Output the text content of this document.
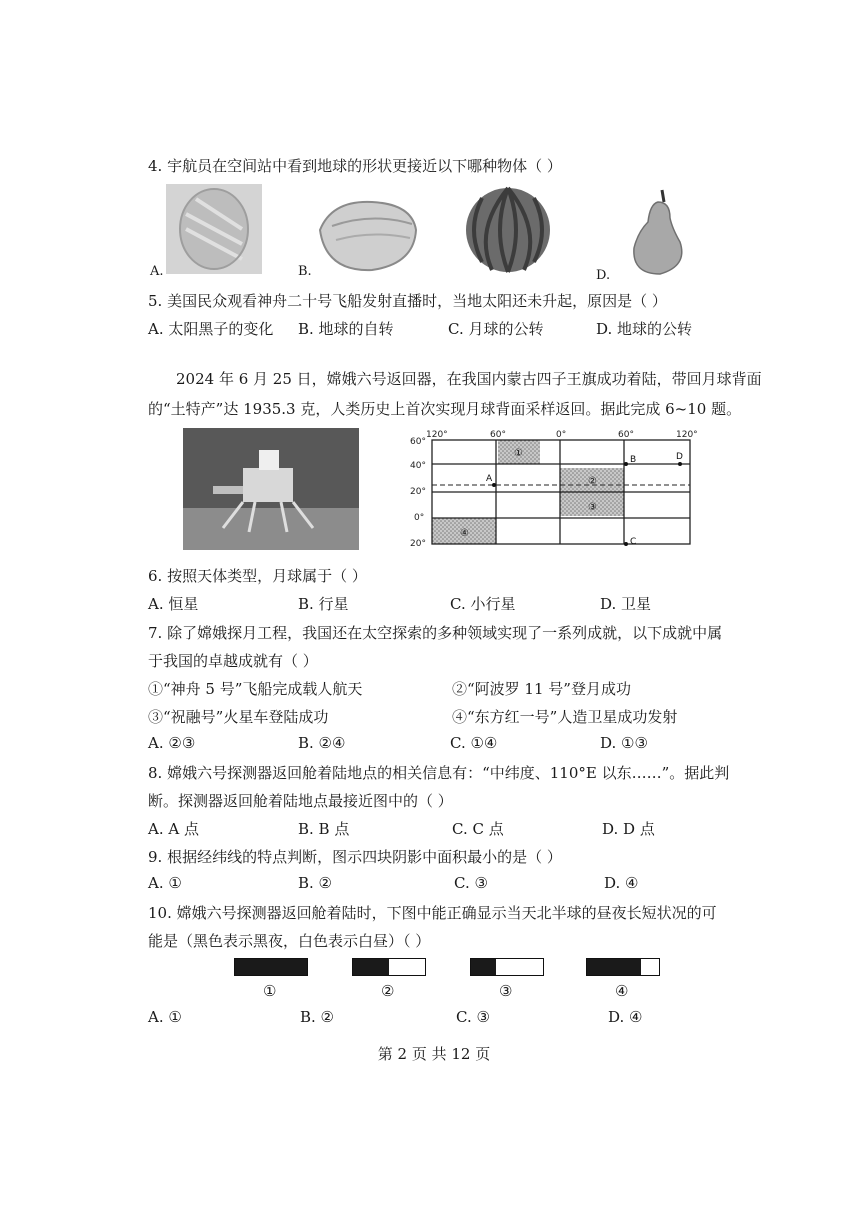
4. 宇航员在空间站中看到地球的形状更接近以下哪种物体（ ）
A.	B.	D.
5. 美国民众观看神舟二十号飞船发射直播时，当地太阳还未升起，原因是（ ）
A. 太阳黑子的变化 B. 地球的自转	C. 月球的公转	D. 地球的公转
2024 年 6 月 25 日，嫦娥六号返回器，在我国内蒙古四子王旗成功着陆，带回月球背面
的“土特产”达 1935.3 克，人类历史上首次实现月球背面采样返回。据此完成 6~10 题。
120°	60°	0°	60°	120°
60°
40°
20°
0°
20°
①
②
③
④
A
B
C
D
6. 按照天体类型，月球属于（ ）
A. 恒星	B. 行星	C. 小行星	D. 卫星
7. 除了嫦娥探月工程，我国还在太空探索的多种领域实现了一系列成就，以下成就中属
于我国的卓越成就有（ ）
①“神舟 5 号”飞船完成载人航天	②“阿波罗 11 号”登月成功
③“祝融号”火星车登陆成功	④“东方红一号”人造卫星成功发射
A. ②③	B. ②④	C. ①④	D. ①③
8. 嫦娥六号探测器返回舱着陆地点的相关信息有：“中纬度、110°E 以东……”。据此判
断。探测器返回舱着陆地点最接近图中的（ ）
A. A 点	B. B 点	C. C 点	D. D 点
9. 根据经纬线的特点判断，图示四块阴影中面积最小的是（ ）
A. ①	B. ②	C. ③	D. ④
10. 嫦娥六号探测器返回舱着陆时，下图中能正确显示当天北半球的昼夜长短状况的可
能是（黑色表示黑夜，白色表示白昼）（ ）
①	②	③	④
A. ①	B. ②	C. ③	D. ④
第 2 页 共 12 页
